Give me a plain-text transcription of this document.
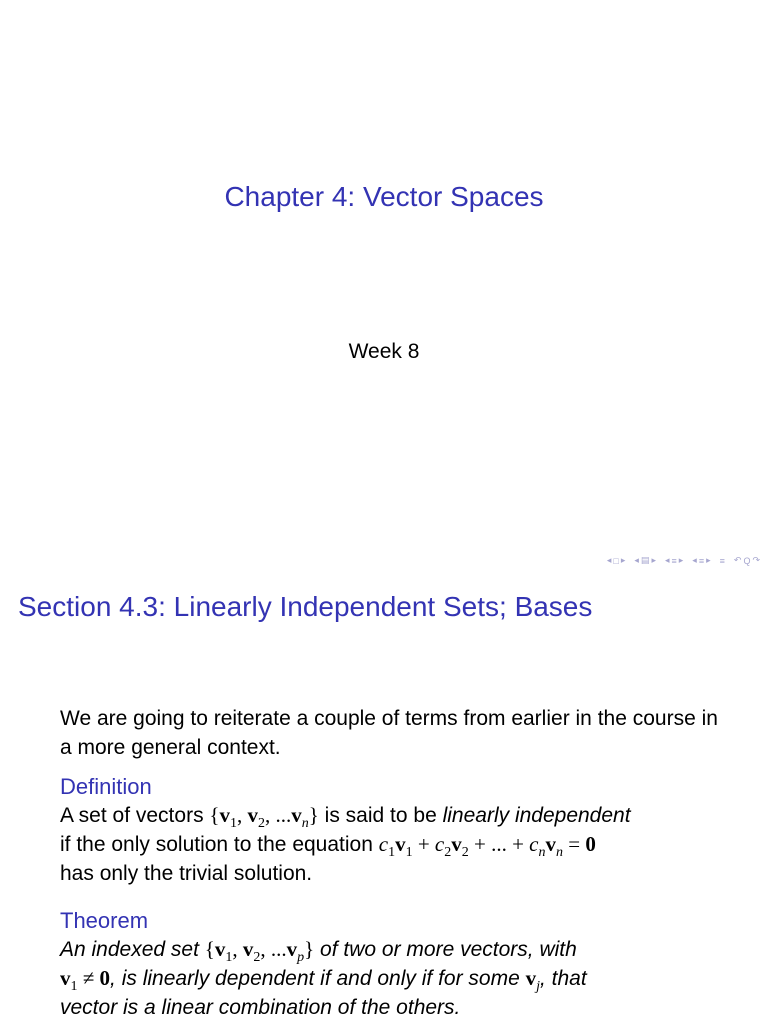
Chapter 4: Vector Spaces
Week 8
◂ □ ▸ ◂ ▤ ▸ ◂ ≡ ▸ ◂ ≡ ▸ ≡ ↶ Q ↷
Section 4.3: Linearly Independent Sets; Bases
We are going to reiterate a couple of terms from earlier in the course in a more general context.
Definition
A set of vectors {$v_1$, $v_2$, $...v_n$} is said to be linearly independent
if the only solution to the equation $c_1v_1 + c_2v_2$ + ... + $c_nv_n = 0$
has only the trivial solution.
Theorem
An indexed set {$v_1$, $v_2$, $...v_p$} of two or more vectors, with
$v_1 \ne 0$, is linearly dependent if and only if for some $v_j$, that
vector is a linear combination of the others.
